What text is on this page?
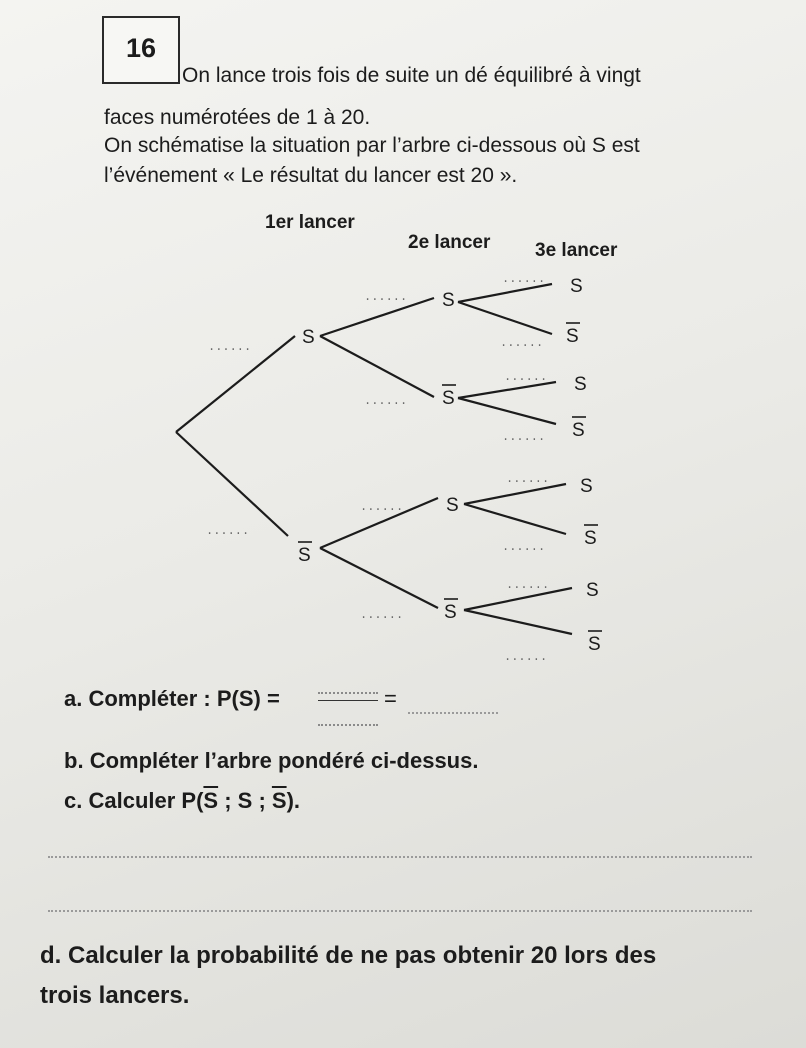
16
On lance trois fois de suite un dé équilibré à vingt
faces numérotées de 1 à 20.
On schématise la situation par l’arbre ci-dessous où S est
l’événement « Le résultat du lancer est 20 ».
1er lancer
2e lancer 3e lancer
S
S
S
S
S
S
S
S
S
S
S
S
S
S
......
......
......
......
......
......
......
......
......
......
......
......
......
......
a. Compléter : P(S) =	=
b. Compléter l’arbre pondéré ci-dessus.
c. Calculer $P(\overline{S}$ ; S ; $\overline{S}$).
d. Calculer la probabilité de ne pas obtenir 20 lors des
trois lancers.
